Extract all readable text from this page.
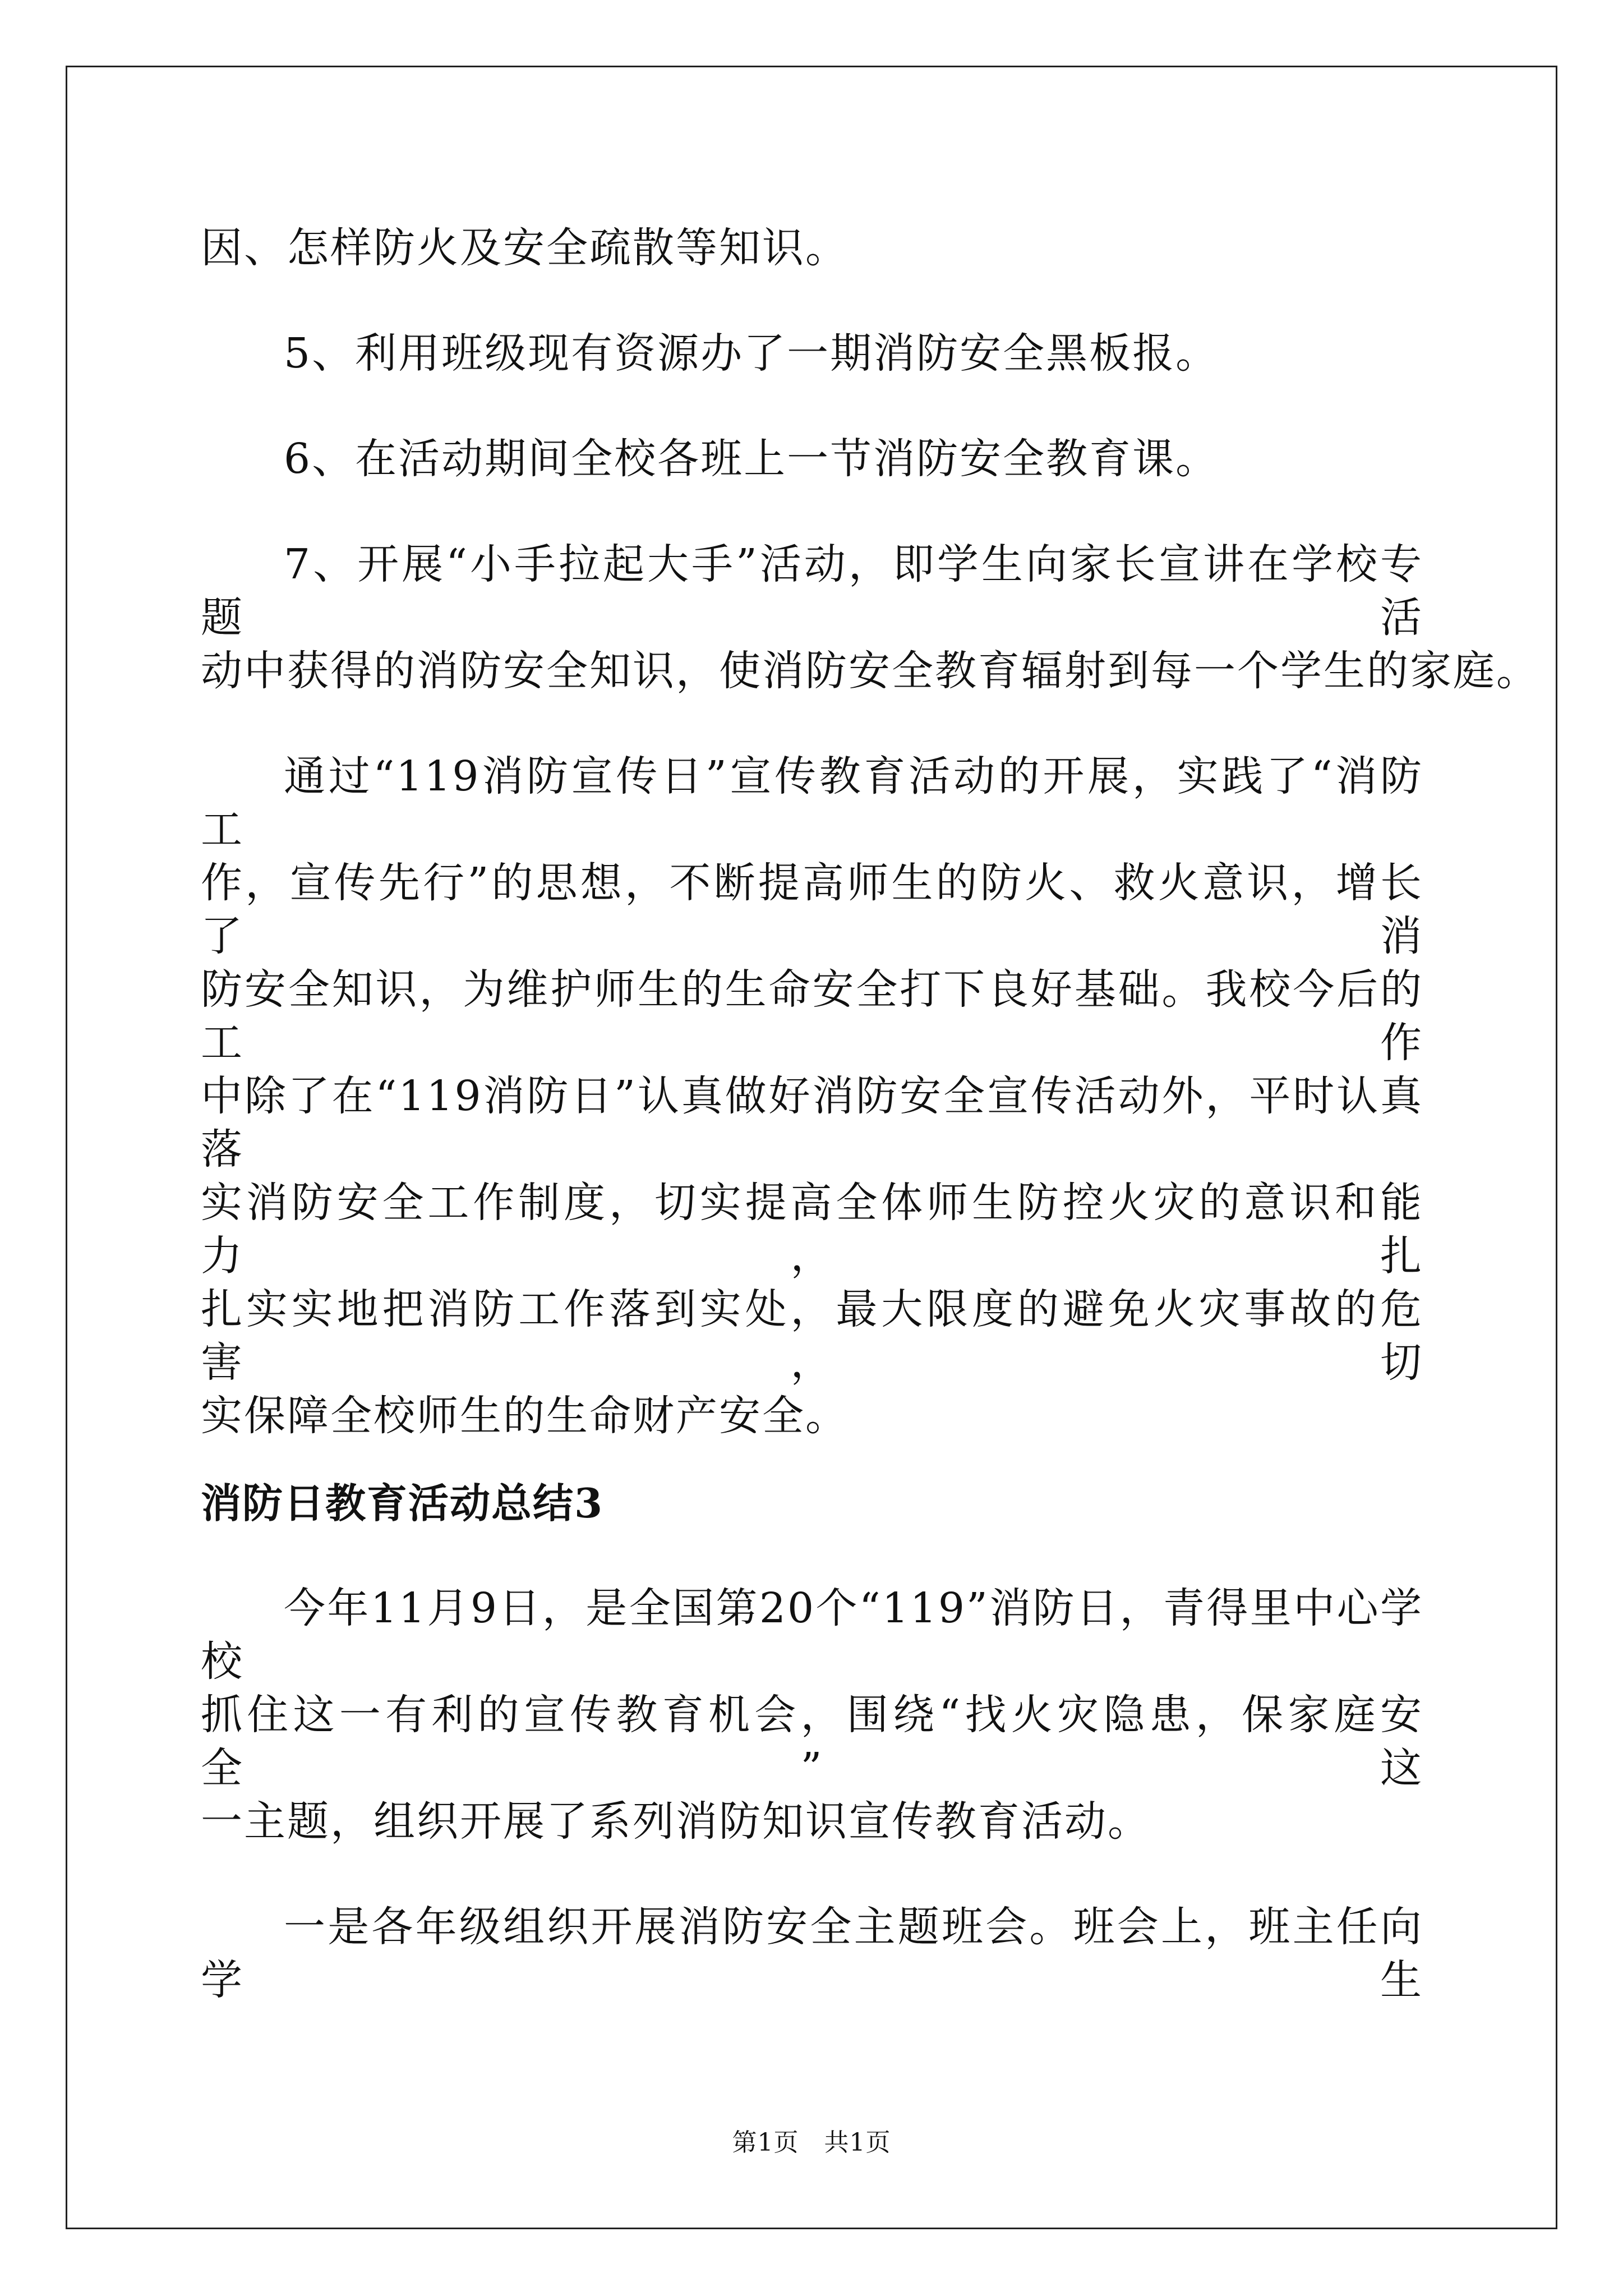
因、怎样防火及安全疏散等知识。

5、利用班级现有资源办了一期消防安全黑板报。

6、在活动期间全校各班上一节消防安全教育课。

7、开展“小手拉起大手”活动，即学生向家长宣讲在学校专题活

动中获得的消防安全知识，使消防安全教育辐射到每一个学生的家庭。

通过“119消防宣传日”宣传教育活动的开展，实践了“消防工

作，宣传先行”的思想，不断提高师生的防火、救火意识，增长了消

防安全知识，为维护师生的生命安全打下良好基础。我校今后的工作

中除了在“119消防日”认真做好消防安全宣传活动外，平时认真落

实消防安全工作制度，切实提高全体师生防控火灾的意识和能力，扎

扎实实地把消防工作落到实处，最大限度的避免火灾事故的危害，切

实保障全校师生的生命财产安全。

消防日教育活动总结3

今年11月9日，是全国第20个“119”消防日，青得里中心学校

抓住这一有利的宣传教育机会，围绕“找火灾隐患，保家庭安全”这

一主题，组织开展了系列消防知识宣传教育活动。

一是各年级组织开展消防安全主题班会。班会上，班主任向学生

第1页　共1页
